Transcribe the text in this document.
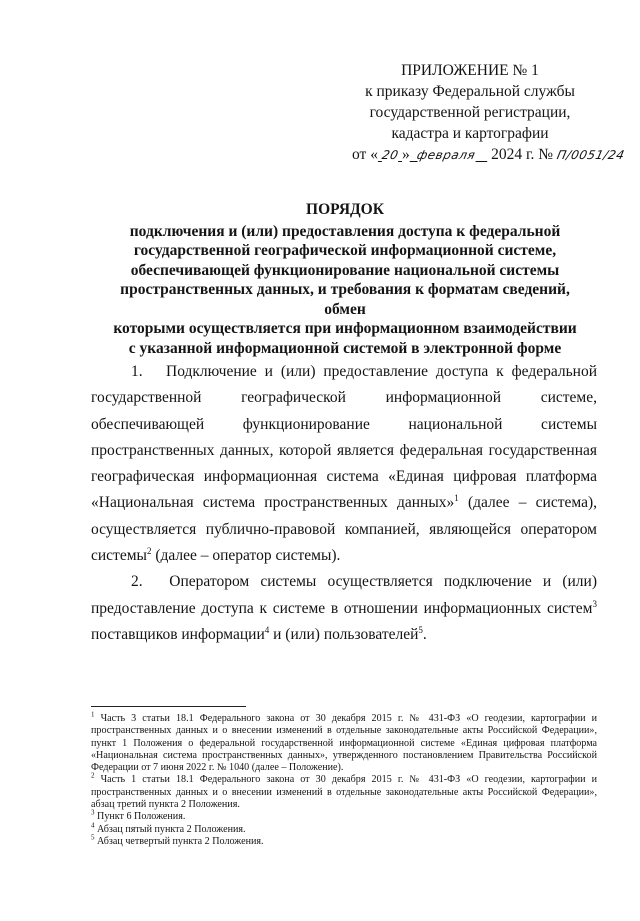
ПРИЛОЖЕНИЕ № 1
к приказу Федеральной службы
государственной регистрации,
кадастра и картографии
от « 20 » февраля 2024 г. № П/0051/24
ПОРЯДОК
подключения и (или) предоставления доступа к федеральной
государственной географической информационной системе,
обеспечивающей функционирование национальной системы
пространственных данных, и требования к форматам сведений, обмен
которыми осуществляется при информационном взаимодействии
с указанной информационной системой в электронной форме

1.  Подключение и (или) предоставление доступа к федеральной государственной географической информационной системе, обеспечивающей функционирование национальной системы пространственных данных, которой является федеральная государственная географическая информационная система «Единая цифровая платформа «Национальная система пространственных данных»$^1$ (далее – система), осуществляется публично-правовой компанией, являющейся оператором системы$^2$ (далее – оператор системы).

2.  Оператором системы осуществляется подключение и (или) предоставление доступа к системе в отношении информационных систем$^3$ поставщиков информации$^4$ и (или) пользователей$^5$.

$^1$ Часть 3 статьи 18.1 Федерального закона от 30 декабря 2015 г. № 431-ФЗ «О геодезии, картографии и пространственных данных и о внесении изменений в отдельные законодательные акты Российской Федерации», пункт 1 Положения о федеральной государственной информационной системе «Единая цифровая платформа «Национальная система пространственных данных», утвержденного постановлением Правительства Российской Федерации от 7 июня 2022 г. № 1040 (далее – Положение).

$^2$ Часть 1 статьи 18.1 Федерального закона от 30 декабря 2015 г. № 431-ФЗ «О геодезии, картографии и пространственных данных и о внесении изменений в отдельные законодательные акты Российской Федерации», абзац третий пункта 2 Положения.

$^3$ Пункт 6 Положения.

$^4$ Абзац пятый пункта 2 Положения.

$^5$ Абзац четвертый пункта 2 Положения.
